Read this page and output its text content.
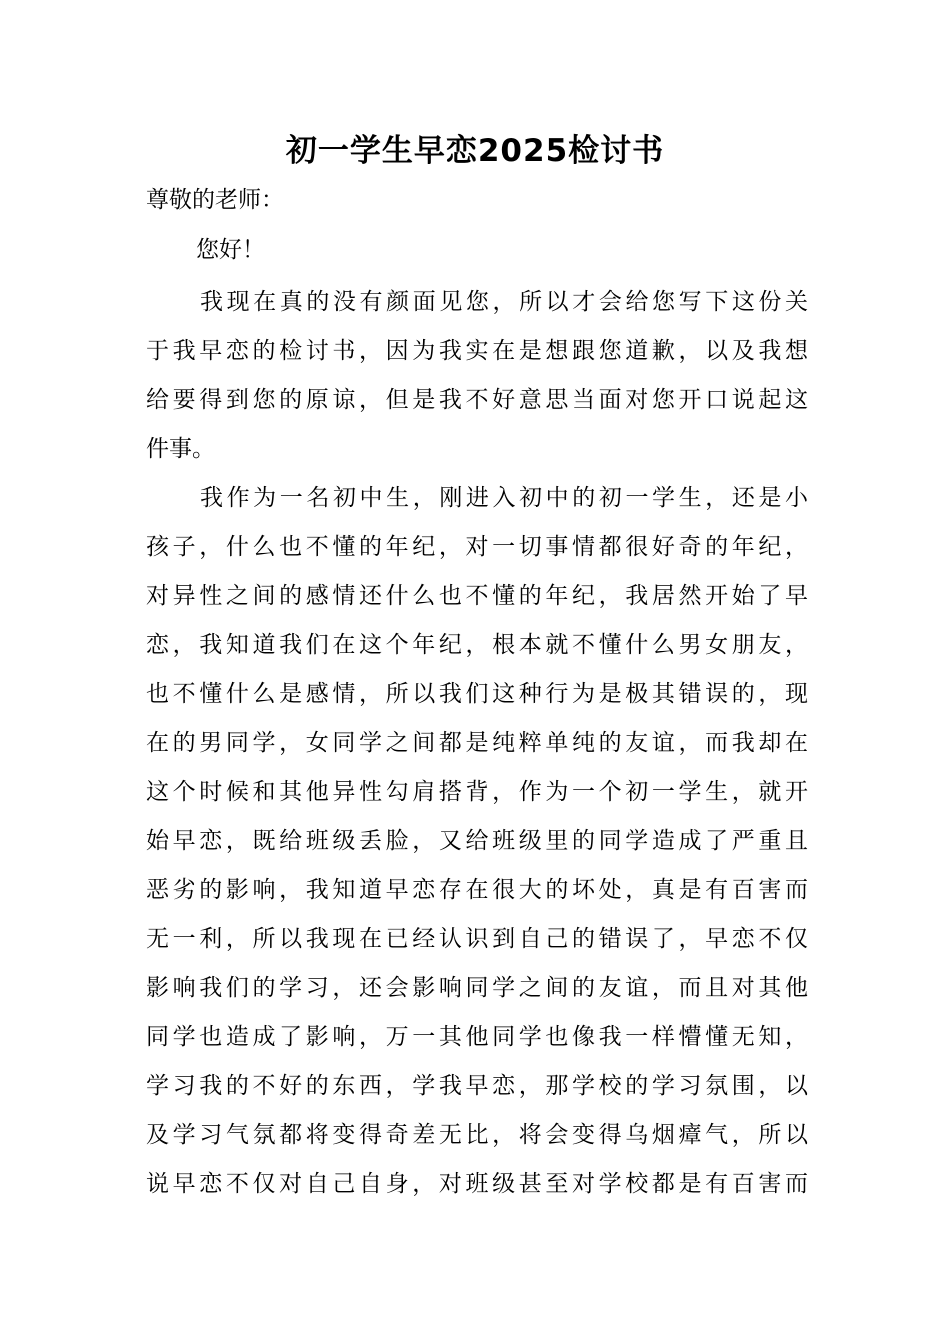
初一学生早恋2025检讨书
尊敬的老师：
您好！
我现在真的没有颜面见您，所以才会给您写下这份关
于我早恋的检讨书，因为我实在是想跟您道歉，以及我想
给要得到您的原谅，但是我不好意思当面对您开口说起这
件事。
我作为一名初中生，刚进入初中的初一学生，还是小
孩子，什么也不懂的年纪，对一切事情都很好奇的年纪，
对异性之间的感情还什么也不懂的年纪，我居然开始了早
恋，我知道我们在这个年纪，根本就不懂什么男女朋友，
也不懂什么是感情，所以我们这种行为是极其错误的，现
在的男同学，女同学之间都是纯粹单纯的友谊，而我却在
这个时候和其他异性勾肩搭背，作为一个初一学生，就开
始早恋，既给班级丢脸，又给班级里的同学造成了严重且
恶劣的影响，我知道早恋存在很大的坏处，真是有百害而
无一利，所以我现在已经认识到自己的错误了，早恋不仅
影响我们的学习，还会影响同学之间的友谊，而且对其他
同学也造成了影响，万一其他同学也像我一样懵懂无知，
学习我的不好的东西，学我早恋，那学校的学习氛围，以
及学习气氛都将变得奇差无比，将会变得乌烟瘴气，所以
说早恋不仅对自己自身，对班级甚至对学校都是有百害而
